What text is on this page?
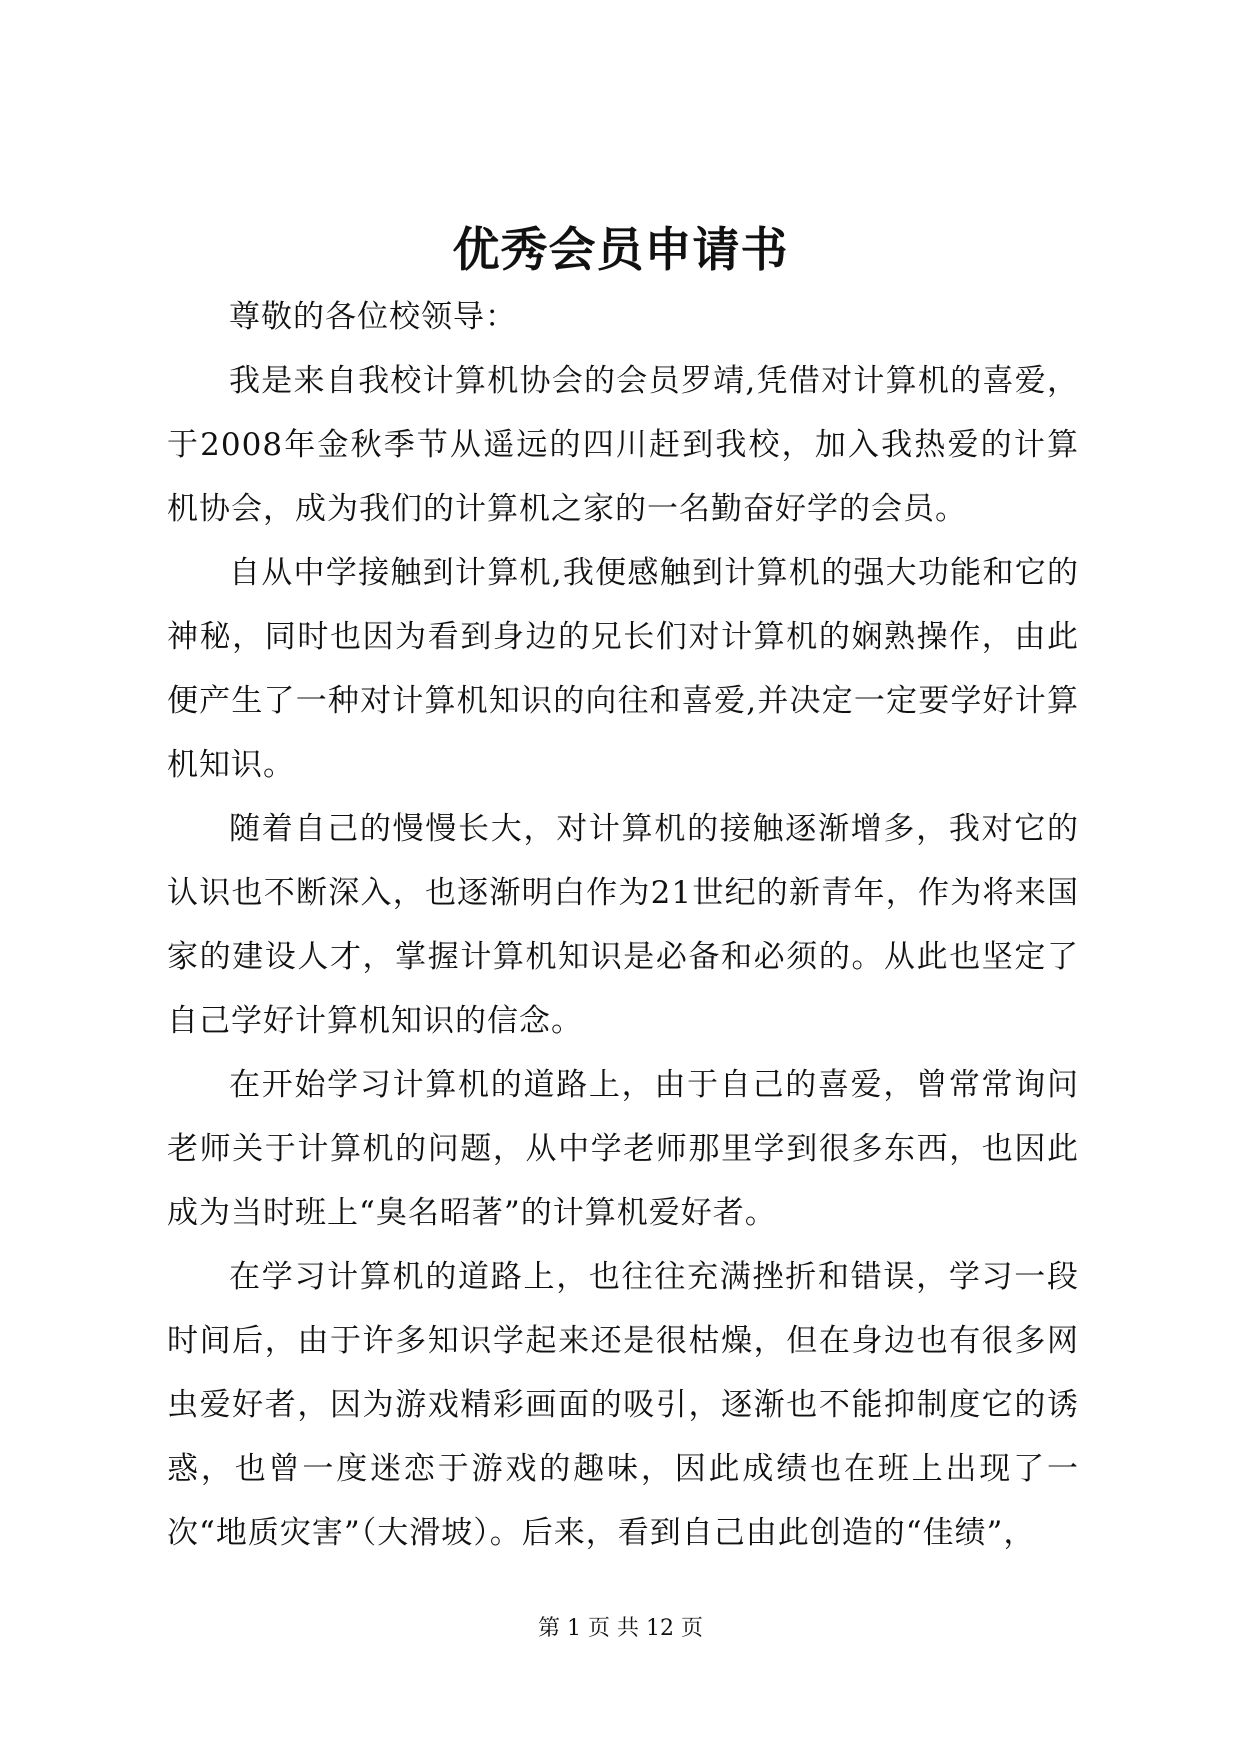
优秀会员申请书

尊敬的各位校领导：

我是来自我校计算机协会的会员罗靖,凭借对计算机的喜爱，于2008年金秋季节从遥远的四川赶到我校，加入我热爱的计算机协会，成为我们的计算机之家的一名勤奋好学的会员。

自从中学接触到计算机,我便感触到计算机的强大功能和它的神秘，同时也因为看到身边的兄长们对计算机的娴熟操作，由此便产生了一种对计算机知识的向往和喜爱,并决定一定要学好计算机知识。

随着自己的慢慢长大，对计算机的接触逐渐增多，我对它的认识也不断深入，也逐渐明白作为21世纪的新青年，作为将来国家的建设人才，掌握计算机知识是必备和必须的。从此也坚定了自己学好计算机知识的信念。

在开始学习计算机的道路上，由于自己的喜爱，曾常常询问老师关于计算机的问题，从中学老师那里学到很多东西，也因此成为当时班上“臭名昭著”的计算机爱好者。

在学习计算机的道路上，也往往充满挫折和错误，学习一段时间后，由于许多知识学起来还是很枯燥，但在身边也有很多网虫爱好者，因为游戏精彩画面的吸引，逐渐也不能抑制度它的诱惑，也曾一度迷恋于游戏的趣味，因此成绩也在班上出现了一次“地质灾害”（大滑坡）。后来，看到自己由此创造的“佳绩”，

第 1 页 共 12 页
